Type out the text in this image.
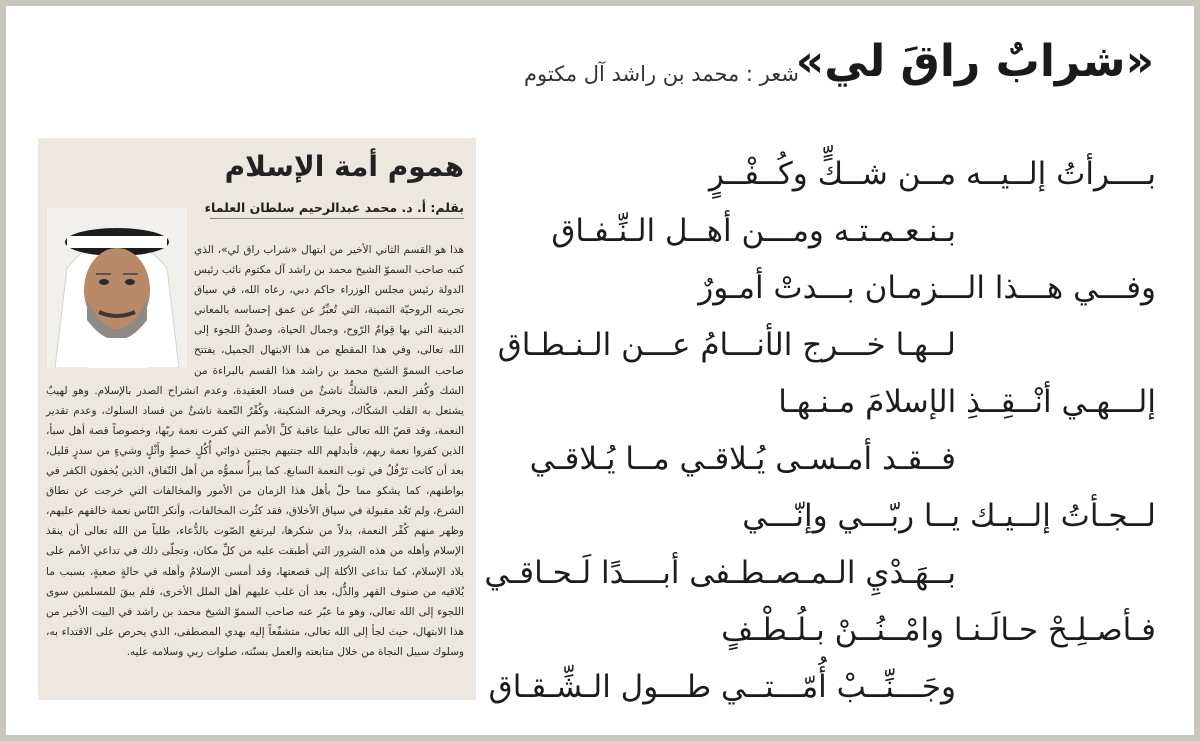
«شرابٌ راقَ لي»
شعر : محمد بن راشد آل مكتوم
بــــرأتُ إلــيــه مــن شــكٍّ وكُــفْــرٍ
بـنـعـمـتـه ومـــن أهــل الـنِّـفـاق
وفـــي هـــذا الـــزمـان بـــدتْ أمـورٌ
لــهـا خـــرج الأنـــامُ عـــن الـنـطـاق
إلـــهـي أنْــقِــذِ الإسلامَ مـنـهـا
فــقـد أمـسـى يُـلاقـي مــا يُـلاقـي
لــجـأتُ إلــيـك يــا ربّـــي وإنّـــي
بــهَـدْيِ الـمـصـطـفى أبــــدًا لَـحـاقـي
فـأصـلِـحْ حـالَـنـا وامْــنُــنْ بـلُـطْـفٍ
وجَـــنِّــبْ أُمّـــتــي طـــول الـشِّـقـاق
هموم أمة الإسلام
بقلم: أ. د. محمد عبدالرحيم سلطان العلماء

هذا هو القسم الثاني الأخير من ابتهال «شراب راق لي»، الذي كتبه صاحب السموّ الشيخ محمد بن راشد آل مكتوم نائب رئيس الدولة رئيس مجلس الوزراء حاكم دبي، رعاه الله، في سياق تجربته الروحيّة الثمينة، التي تُعبِّرُ عن عمق إحساسه بالمعاني الدينية التي بها قِوامُ الرّوح، وجمال الحياة، وصدقُ اللجوء إلى الله تعالى، وفي هذا المقطع من هذا الابتهال الجميل، يفتتح صاحب السموّ الشيخ محمد بن راشد هذا القسم بالبراءة من الشك وكُفر النعم، فالشكُّ ناشئٌ من فساد العقيدة، وعدم انشراح الصدر بالإسلام. وهو لهيبٌ يشتعل به القلب الشكّاك، ويحرقه الشكينة، وكُفْرُ النّعمة ناشئٌ من فساد السلوك، وعدم تقدير النعمة، وقد قصّ الله تعالى علينا عاقبة كلِّ الأمم التي كفرت نعمة ربّها، وخصوصاً قصة أهل سبأ، الذين كفروا نعمة ربهم، فأبدلهم الله جنتيهم بجنتين ذواتَي أُكُلٍ خمطٍ وأَثْلٍ وشيءٍ من سدرٍ قليل، بعد أن كانت تَرْفُلُ في ثوب النعمة السابغ. كما يبرأُ سموُّه من أهل النّفاق، الذين يُخفون الكفر في بواطنهم، كما يشكو مما حلّ بأهل هذا الزمان من الأمور والمخالفات التي خرجت عن نطاق الشرع، ولم تَعُد مقبولة في سياق الأخلاق، فقد كثُرت المخالفات، وأنكر النّاس نعمة خالقهم عليهم، وظهر منهم كُفْر النعمة، بدلاً من شكرها، ليرتفع الصّوت بالدُّعاء، طلباً من الله تعالى أن ينقذ الإسلام وأهله من هذه الشرور التي أطبقت عليه من كلِّ مكان، وتجلّى ذلك في تداعي الأمم على بلاد الإسلام، كما تداعى الأكلة إلى قصعتها، وقد أمسى الإسلامُ وأهله في حالةٍ صعبةٍ، بسبب ما يُلاقيه من صنوف القهر والذُّل، بعد أن غلب عليهم أهل الملل الأخرى، فلم يبقَ للمسلمين سوى اللجوء إلى الله تعالى، وهو ما عبّر عنه صاحب السموّ الشيخ محمد بن راشد في البيت الأخير من هذا الابتهال، حيث لجأ إلى الله تعالى، متشفّعاً إليه بهدي المصطفى، الذي يحرص على الاقتداء به، وسلوك سبيل النجاة من خلال متابعته والعمل بسنّته، صلوات ربي وسلامه عليه.
